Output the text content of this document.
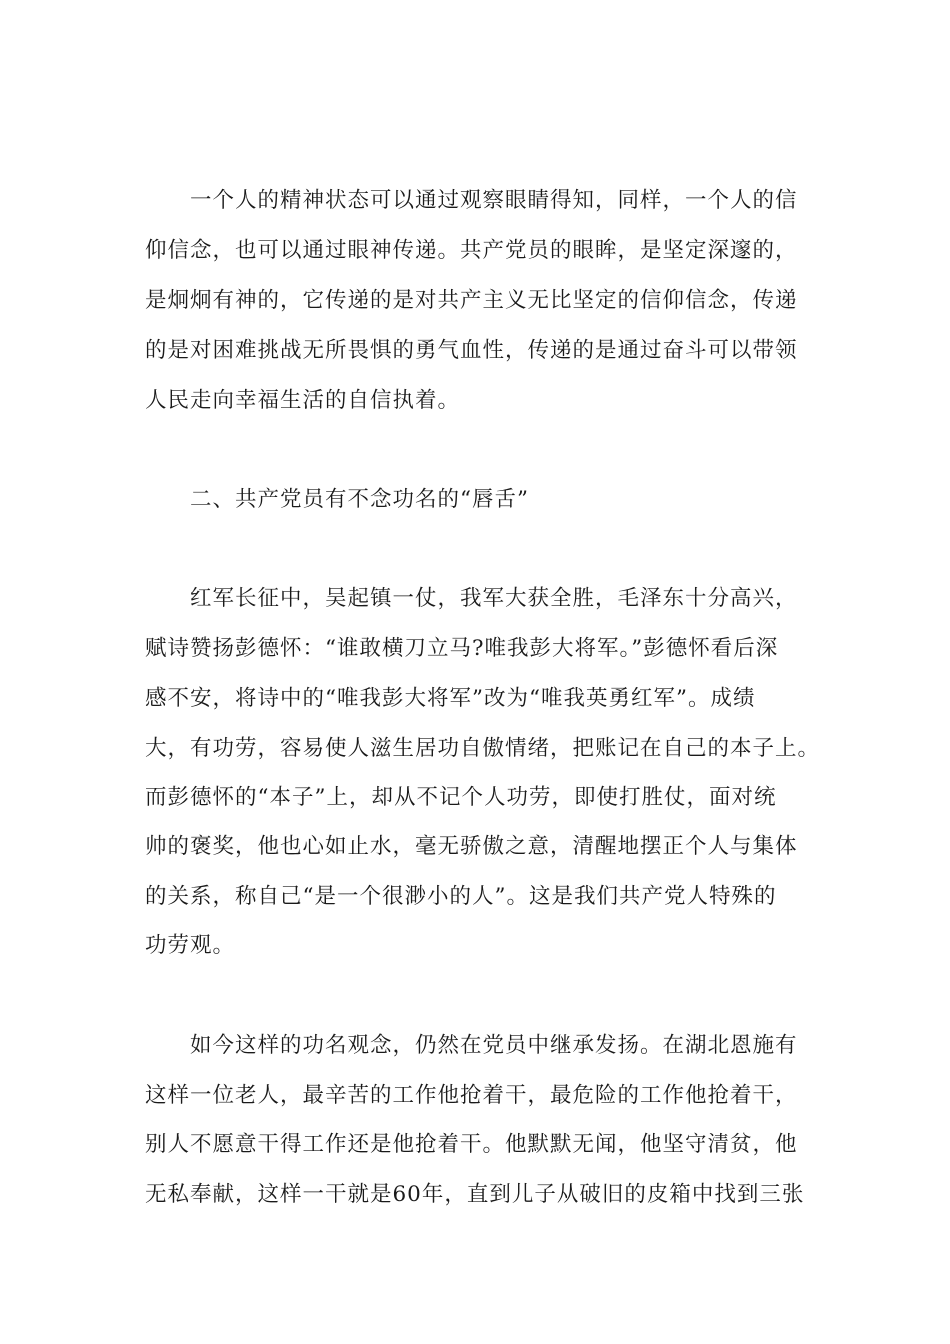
一个人的精神状态可以通过观察眼睛得知，同样，一个人的信
仰信念，也可以通过眼神传递。共产党员的眼眸，是坚定深邃的，
是炯炯有神的，它传递的是对共产主义无比坚定的信仰信念，传递
的是对困难挑战无所畏惧的勇气血性，传递的是通过奋斗可以带领
人民走向幸福生活的自信执着。
二、共产党员有不念功名的“唇舌”
红军长征中，吴起镇一仗，我军大获全胜，毛泽东十分高兴，
赋诗赞扬彭德怀：“谁敢横刀立马?唯我彭大将军。”彭德怀看后深
感不安，将诗中的“唯我彭大将军”改为“唯我英勇红军”。成绩
大，有功劳，容易使人滋生居功自傲情绪，把账记在自己的本子上。
而彭德怀的“本子”上，却从不记个人功劳，即使打胜仗，面对统
帅的褒奖，他也心如止水，毫无骄傲之意，清醒地摆正个人与集体
的关系，称自己“是一个很渺小的人”。这是我们共产党人特殊的
功劳观。
如今这样的功名观念，仍然在党员中继承发扬。在湖北恩施有
这样一位老人，最辛苦的工作他抢着干，最危险的工作他抢着干，
别人不愿意干得工作还是他抢着干。他默默无闻，他坚守清贫，他
无私奉献，这样一干就是60年，直到儿子从破旧的皮箱中找到三张
